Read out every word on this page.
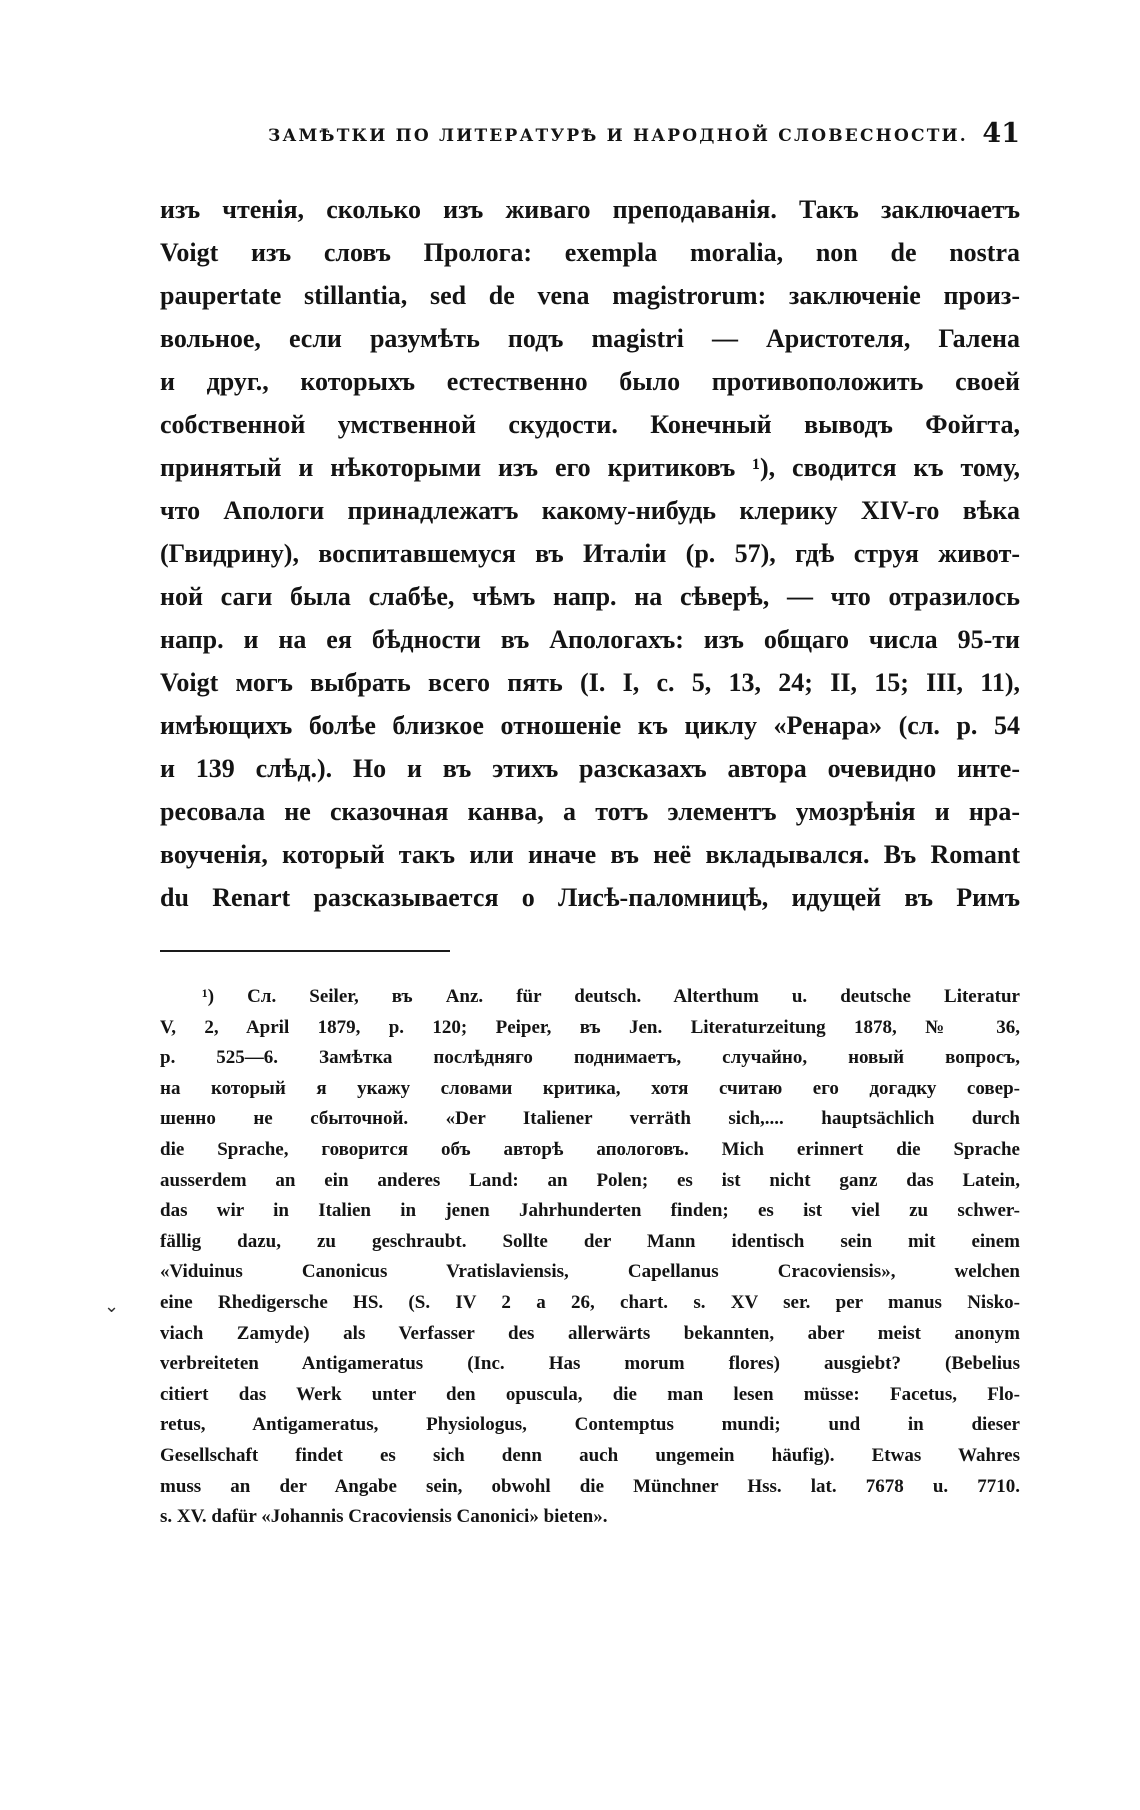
ЗАМѢТКИ ПО ЛИТЕРАТУРѢ И НАРОДНОЙ СЛОВЕСНОСТИ. 41
изъ чтенія, сколько изъ живаго преподаванія. Такъ заключаетъ
Voigt изъ словъ Пролога: exempla moralia, non de nostra
paupertate stillantia, sed de vena magistrorum: заключеніе произ-
вольное, если разумѣть подъ magistri — Аристотеля, Галена
и друг., которыхъ естественно было противоположить своей
собственной умственной скудости. Конечный выводъ Фойгта,
принятый и нѣкоторыми изъ его критиковъ ¹), сводится къ тому,
что Апологи принадлежатъ какому-нибудь клерику XIV-го вѣка
(Гвидрину), воспитавшемуся въ Италіи (р. 57), гдѣ струя живот-
ной саги была слабѣе, чѣмъ напр. на сѣверѣ, — что отразилось
напр. и на ея бѣдности въ Апологахъ: изъ общаго числа 95-ти
Voigt могъ выбрать всего пять (I. I, с. 5, 13, 24; II, 15; III, 11),
имѣющихъ болѣе близкое отношеніе къ циклу «Ренара» (сл. р. 54
и 139 слѣд.). Но и въ этихъ разсказахъ автора очевидно инте-
ресовала не сказочная канва, а тотъ элементъ умозрѣнія и нра-
воученія, который такъ или иначе въ неё вкладывался. Въ Romant
du Renart разсказывается о Лисѣ-паломницѣ, идущей въ Римъ
¹) Сл. Seiler, въ Anz. für deutsch. Alterthum u. deutsche Literatur
V, 2, April 1879, p. 120; Peiper, въ Jen. Literaturzeitung 1878, № 36,
p. 525—6. Замѣтка послѣдняго поднимаетъ, случайно, новый вопросъ,
на который я укажу словами критика, хотя считаю его догадку совер-
шенно не сбыточной. «Der Italiener verräth sich,.... hauptsächlich durch
die Sprache, говорится объ авторѣ апологовъ. Mich erinnert die Sprache
ausserdem an ein anderes Land: an Polen; es ist nicht ganz das Latein,
das wir in Italien in jenen Jahrhunderten finden; es ist viel zu schwer-
fällig dazu, zu geschraubt. Sollte der Mann identisch sein mit einem
«Viduinus Canonicus Vratislaviensis, Capellanus Cracoviensis», welchen
eine Rhedigersche HS. (S. IV 2 a 26, chart. s. XV ser. per manus Nisko-
viach Zamyde) als Verfasser des allerwärts bekannten, aber meist anonym
verbreiteten Antigameratus (Inc. Has morum flores) ausgiebt? (Bebelius
citiert das Werk unter den opuscula, die man lesen müsse: Facetus, Flo-
retus, Antigameratus, Physiologus, Contemptus mundi; und in dieser
Gesellschaft findet es sich denn auch ungemein häufig). Etwas Wahres
muss an der Angabe sein, obwohl die Münchner Hss. lat. 7678 u. 7710.
s. XV. dafür «Johannis Cracoviensis Canonici» bieten».
⌄
